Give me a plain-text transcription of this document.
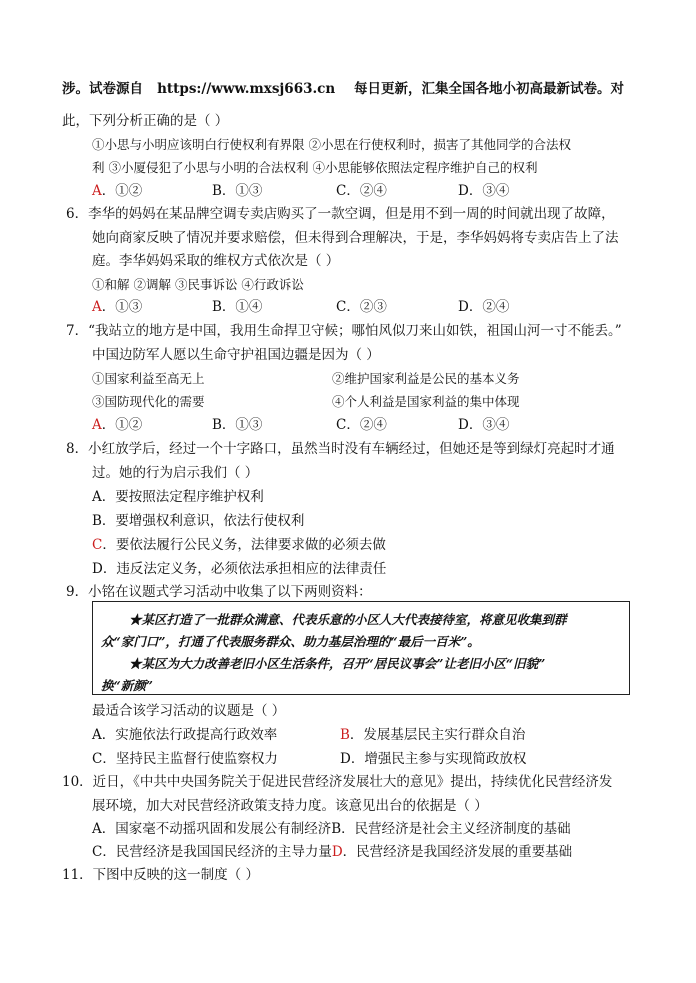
涉。试卷源自 https://www.mxsj663.cn 每日更新，汇集全国各地小初高最新试卷。对
此，下列分析正确的是（ ）
①小思与小明应该明白行使权利有界限 ②小思在行使权利时，损害了其他同学的合法权
利 ③小厦侵犯了小思与小明的合法权利 ④小思能够依照法定程序维护自己的权利
A．①②	B．①③	C．②④	D．③④
6．李华的妈妈在某品牌空调专卖店购买了一款空调，但是用不到一周的时间就出现了故障，
她向商家反映了情况并要求赔偿，但未得到合理解决，于是，李华妈妈将专卖店告上了法
庭。李华妈妈采取的维权方式依次是（ ）
①和解 ②调解 ③民事诉讼 ④行政诉讼
A．①③	B．①④	C．②③	D．②④
7．“我站立的地方是中国，我用生命捍卫守候；哪怕风似刀来山如铁，祖国山河一寸不能丢。”
中国边防军人愿以生命守护祖国边疆是因为（ ）
①国家利益至高无上	②维护国家利益是公民的基本义务
③国防现代化的需要	④个人利益是国家利益的集中体现
A．①②	B．①③	C．②④	D．③④
8．小红放学后，经过一个十字路口，虽然当时没有车辆经过，但她还是等到绿灯亮起时才通
过。她的行为启示我们（ ）
A．要按照法定程序维护权利
B．要增强权利意识，依法行使权利
C．要依法履行公民义务，法律要求做的必须去做
D．违反法定义务，必须依法承担相应的法律责任
9．小铭在议题式学习活动中收集了以下两则资料：
★某区打造了一批群众满意、代表乐意的小区人大代表接待室，将意见收集到群
众“家门口”，打通了代表服务群众、助力基层治理的“最后一百米”。
★某区为大力改善老旧小区生活条件，召开“居民议事会”让老旧小区“旧貌”
换“新颜”
最适合该学习活动的议题是（ ）
A．实施依法行政提高行政效率	B．发展基层民主实行群众自治
C．坚持民主监督行使监察权力	D．增强民主参与实现简政放权
10．近日，《中共中央国务院关于促进民营经济发展壮大的意见》提出，持续优化民营经济发
展环境，加大对民营经济政策支持力度。该意见出台的依据是（ ）
A．国家毫不动摇巩固和发展公有制经济B．民营经济是社会主义经济制度的基础
C．民营经济是我国国民经济的主导力量D．民营经济是我国经济发展的重要基础
11．下图中反映的这一制度（ ）
